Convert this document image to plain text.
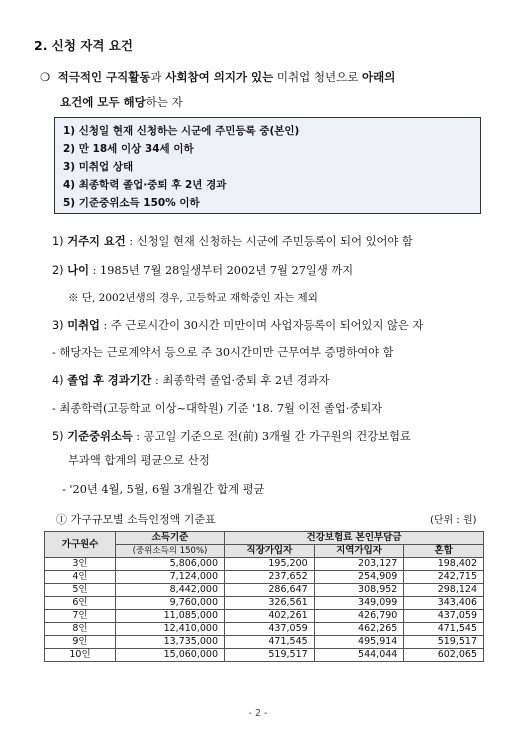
2. 신청 자격 요건
❍ 적극적인 구직활동과 사회참여 의지가 있는 미취업 청년으로 아래의
요건에 모두 해당하는 자
1) 신청일 현재 신청하는 시군에 주민등록 중(본인)
2) 만 18세 이상 34세 이하
3) 미취업 상태
4) 최종학력 졸업·중퇴 후 2년 경과
5) 기준중위소득 150% 이하
1) 거주지 요건 : 신청일 현재 신청하는 시군에 주민등록이 되어 있어야 함
2) 나이 : 1985년 7월 28일생부터 2002년 7월 27일생 까지
※ 단, 2002년생의 경우, 고등학교 재학중인 자는 제외
3) 미취업 : 주 근로시간이 30시간 미만이며 사업자등록이 되어있지 않은 자
- 해당자는 근로계약서 등으로 주 30시간미만 근무여부 증명하여야 함
4) 졸업 후 경과기간 : 최종학력 졸업·중퇴 후 2년 경과자
- 최종학력(고등학교 이상~대학원) 기준 '18. 7월 이전 졸업·중퇴자
5) 기준중위소득 : 공고일 기준으로 전(前) 3개월 간 가구원의 건강보험료
부과액 합계의 평균으로 산정
- '20년 4월, 5월, 6월 3개월간 합계 평균
① 가구규모별 소득인정액 기준표	(단위 : 원)
가구원수	소득기준	건강보험료 본인부담금		
	(중위소득의 150%)	직장가입자	지역가입자	혼합
3인	5,806,000	195,200	203,127	198,402
4인	7,124,000	237,652	254,909	242,715
5인	8,442,000	286,647	308,952	298,124
6인	9,760,000	326,561	349,099	343,406
7인	11,085,000	402,261	426,790	437,059
8인	12,410,000	437,059	462,265	471,545
9인	13,735,000	471,545	495,914	519,517
10인	15,060,000	519,517	544,044	602,065
- 2 -
